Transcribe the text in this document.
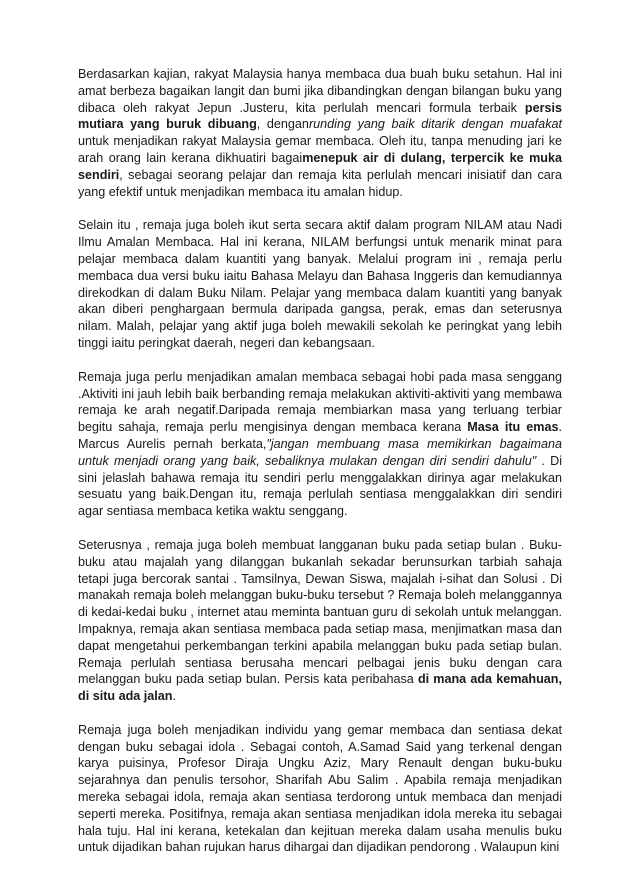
Berdasarkan kajian, rakyat Malaysia hanya membaca dua buah buku setahun. Hal ini amat berbeza bagaikan langit dan bumi jika dibandingkan dengan bilangan buku yang dibaca oleh rakyat Jepun .Justeru, kita perlulah mencari formula terbaik persis mutiara yang buruk dibuang, denganrunding yang baik ditarik dengan muafakat untuk menjadikan rakyat Malaysia gemar membaca. Oleh itu, tanpa menuding jari ke arah orang lain kerana dikhuatiri bagaimenepuk air di dulang, terpercik ke muka sendiri, sebagai seorang pelajar dan remaja kita perlulah mencari inisiatif dan cara yang efektif untuk menjadikan membaca itu amalan hidup.

Selain itu , remaja juga boleh ikut serta secara aktif dalam program NILAM atau Nadi Ilmu Amalan Membaca. Hal ini kerana, NILAM berfungsi untuk menarik minat para pelajar membaca dalam kuantiti yang banyak. Melalui program ini , remaja perlu membaca dua versi buku iaitu Bahasa Melayu dan Bahasa Inggeris dan kemudiannya direkodkan di dalam Buku Nilam. Pelajar yang membaca dalam kuantiti yang banyak akan diberi penghargaan bermula daripada gangsa, perak, emas dan seterusnya nilam. Malah, pelajar yang aktif juga boleh mewakili sekolah ke peringkat yang lebih tinggi iaitu peringkat daerah, negeri dan kebangsaan.

Remaja juga perlu menjadikan amalan membaca sebagai hobi pada masa senggang .Aktiviti ini jauh lebih baik berbanding remaja melakukan aktiviti-aktiviti yang membawa remaja ke arah negatif.Daripada remaja membiarkan masa yang terluang terbiar begitu sahaja, remaja perlu mengisinya dengan membaca kerana Masa itu emas. Marcus Aurelis pernah berkata,"jangan membuang masa memikirkan bagaimana untuk menjadi orang yang baik, sebaliknya mulakan dengan diri sendiri dahulu" . Di sini jelaslah bahawa remaja itu sendiri perlu menggalakkan dirinya agar melakukan sesuatu yang baik.Dengan itu, remaja perlulah sentiasa menggalakkan diri sendiri agar sentiasa membaca ketika waktu senggang.

Seterusnya , remaja juga boleh membuat langganan buku pada setiap bulan . Buku-buku atau majalah yang dilanggan bukanlah sekadar berunsurkan tarbiah sahaja tetapi juga bercorak santai . Tamsilnya, Dewan Siswa, majalah i-sihat dan Solusi . Di manakah remaja boleh melanggan buku-buku tersebut ? Remaja boleh melanggannya di kedai-kedai buku , internet atau meminta bantuan guru di sekolah untuk melanggan. Impaknya, remaja akan sentiasa membaca pada setiap masa, menjimatkan masa dan dapat mengetahui perkembangan terkini apabila melanggan buku pada setiap bulan. Remaja perlulah sentiasa berusaha mencari pelbagai jenis buku dengan cara melanggan buku pada setiap bulan. Persis kata peribahasa di mana ada kemahuan, di situ ada jalan.

Remaja juga boleh menjadikan individu yang gemar membaca dan sentiasa dekat dengan buku sebagai idola . Sebagai contoh, A.Samad Said yang terkenal dengan karya puisinya, Profesor Diraja Ungku Aziz, Mary Renault dengan buku-buku sejarahnya dan penulis tersohor, Sharifah Abu Salim . Apabila remaja menjadikan mereka sebagai idola, remaja akan sentiasa terdorong untuk membaca dan menjadi seperti mereka. Positifnya, remaja akan sentiasa menjadikan idola mereka itu sebagai hala tuju. Hal ini kerana, ketekalan dan kejituan mereka dalam usaha menulis buku untuk dijadikan bahan rujukan harus dihargai dan dijadikan pendorong . Walaupun kini
